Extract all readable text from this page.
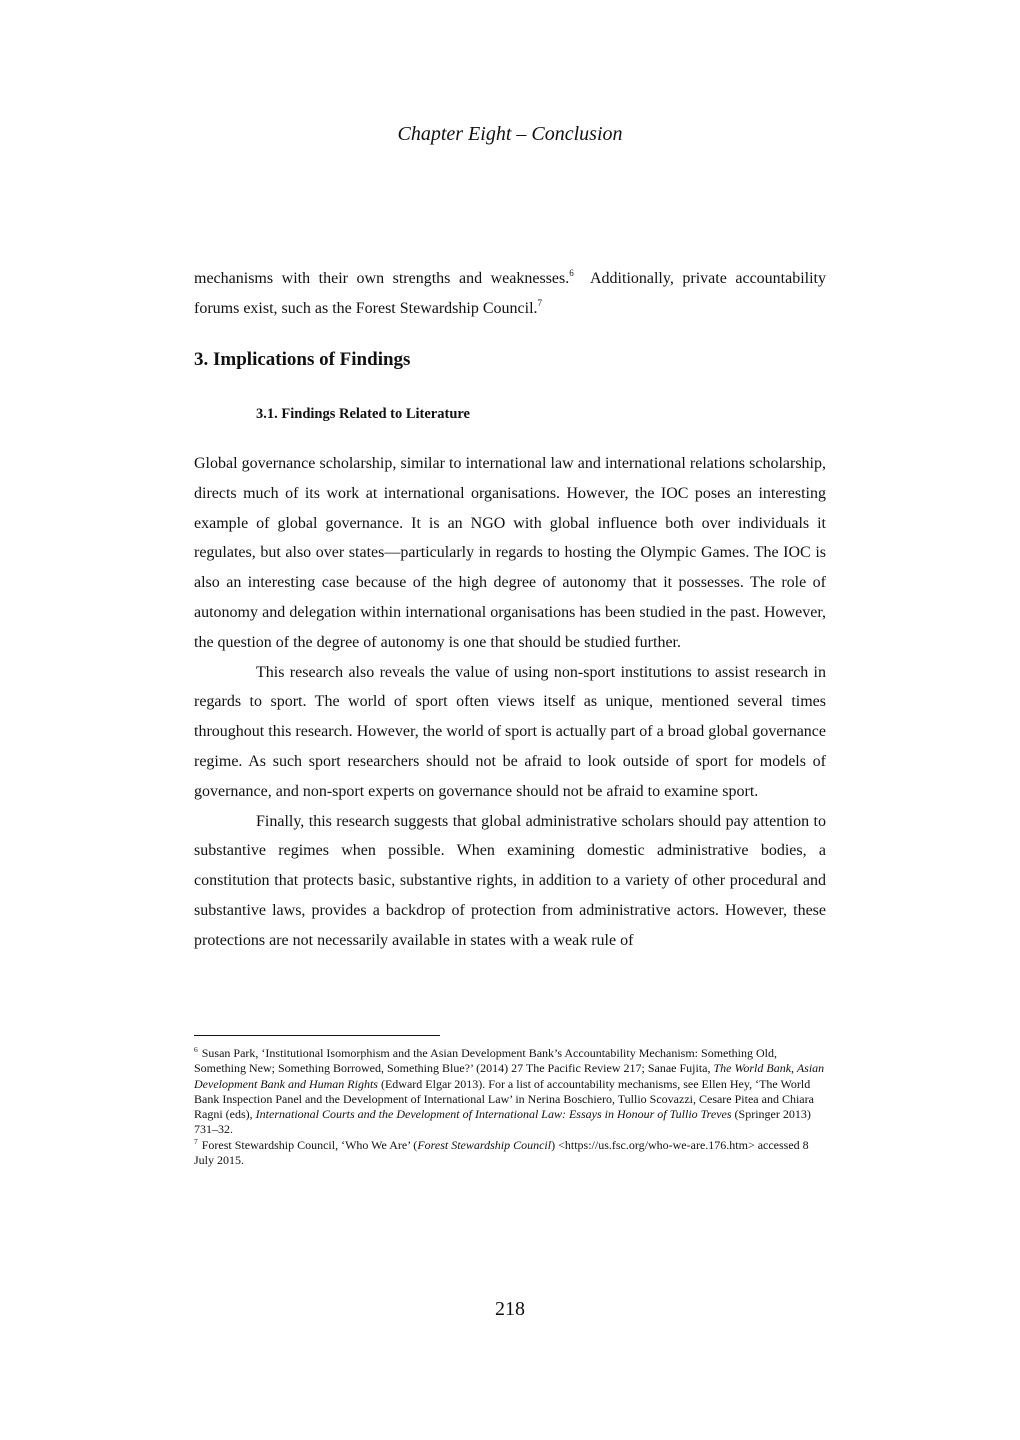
Chapter Eight – Conclusion

mechanisms with their own strengths and weaknesses.$^6$  Additionally, private accountability forums exist, such as the Forest Stewardship Council.$^7$

3. Implications of Findings
3.1. Findings Related to Literature

Global governance scholarship, similar to international law and international relations scholarship, directs much of its work at international organisations. However, the IOC poses an interesting example of global governance. It is an NGO with global influence both over individuals it regulates, but also over states—particularly in regards to hosting the Olympic Games. The IOC is also an interesting case because of the high degree of autonomy that it possesses. The role of autonomy and delegation within international organisations has been studied in the past. However, the question of the degree of autonomy is one that should be studied further.

This research also reveals the value of using non-sport institutions to assist research in regards to sport. The world of sport often views itself as unique, mentioned several times throughout this research. However, the world of sport is actually part of a broad global governance regime. As such sport researchers should not be afraid to look outside of sport for models of governance, and non-sport experts on governance should not be afraid to examine sport.

Finally, this research suggests that global administrative scholars should pay attention to substantive regimes when possible. When examining domestic administrative bodies, a constitution that protects basic, substantive rights, in addition to a variety of other procedural and substantive laws, provides a backdrop of protection from administrative actors. However, these protections are not necessarily available in states with a weak rule of

$^6$ Susan Park, ‘Institutional Isomorphism and the Asian Development Bank’s Accountability Mechanism: Something Old, Something New; Something Borrowed, Something Blue?’ (2014) 27 The Pacific Review 217; Sanae Fujita, The World Bank, Asian Development Bank and Human Rights (Edward Elgar 2013). For a list of accountability mechanisms, see Ellen Hey, ‘The World Bank Inspection Panel and the Development of International Law’ in Nerina Boschiero, Tullio Scovazzi, Cesare Pitea and Chiara Ragni (eds), International Courts and the Development of International Law: Essays in Honour of Tullio Treves (Springer 2013) 731–32.

$^7$ Forest Stewardship Council, ‘Who We Are’ (Forest Stewardship Council) <https://us.fsc.org/who-we-are.176.htm> accessed 8 July 2015.

218
